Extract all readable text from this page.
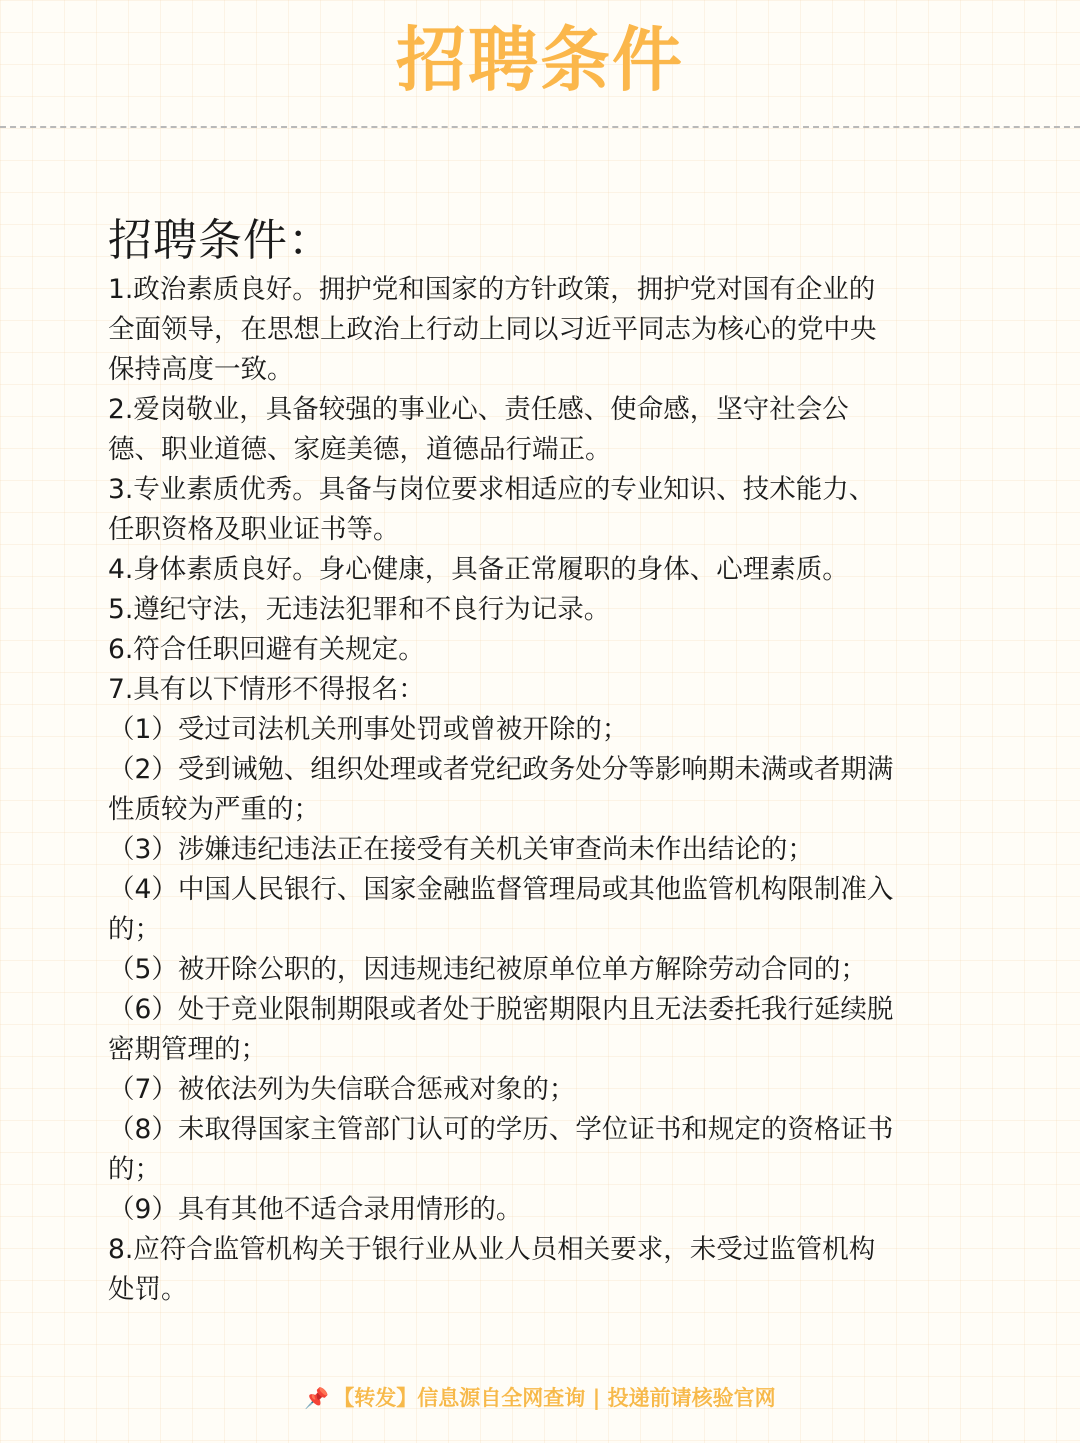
招聘条件
招聘条件：
1.政治素质良好。拥护党和国家的方针政策，拥护党对国有企业的
全面领导，在思想上政治上行动上同以习近平同志为核心的党中央
保持高度一致。
2.爱岗敬业，具备较强的事业心、责任感、使命感，坚守社会公
德、职业道德、家庭美德，道德品行端正。
3.专业素质优秀。具备与岗位要求相适应的专业知识、技术能力、
任职资格及职业证书等。
4.身体素质良好。身心健康，具备正常履职的身体、心理素质。
5.遵纪守法，无违法犯罪和不良行为记录。
6.符合任职回避有关规定。
7.具有以下情形不得报名：
（1）受过司法机关刑事处罚或曾被开除的；
（2）受到诫勉、组织处理或者党纪政务处分等影响期未满或者期满
性质较为严重的；
（3）涉嫌违纪违法正在接受有关机关审查尚未作出结论的；
（4）中国人民银行、国家金融监督管理局或其他监管机构限制准入
的；
（5）被开除公职的，因违规违纪被原单位单方解除劳动合同的；
（6）处于竞业限制期限或者处于脱密期限内且无法委托我行延续脱
密期管理的；
（7）被依法列为失信联合惩戒对象的；
（8）未取得国家主管部门认可的学历、学位证书和规定的资格证书
的；
（9）具有其他不适合录用情形的。
8.应符合监管机构关于银行业从业人员相关要求，未受过监管机构
处罚。
📌 【转发】信息源自全网查询 | 投递前请核验官网
